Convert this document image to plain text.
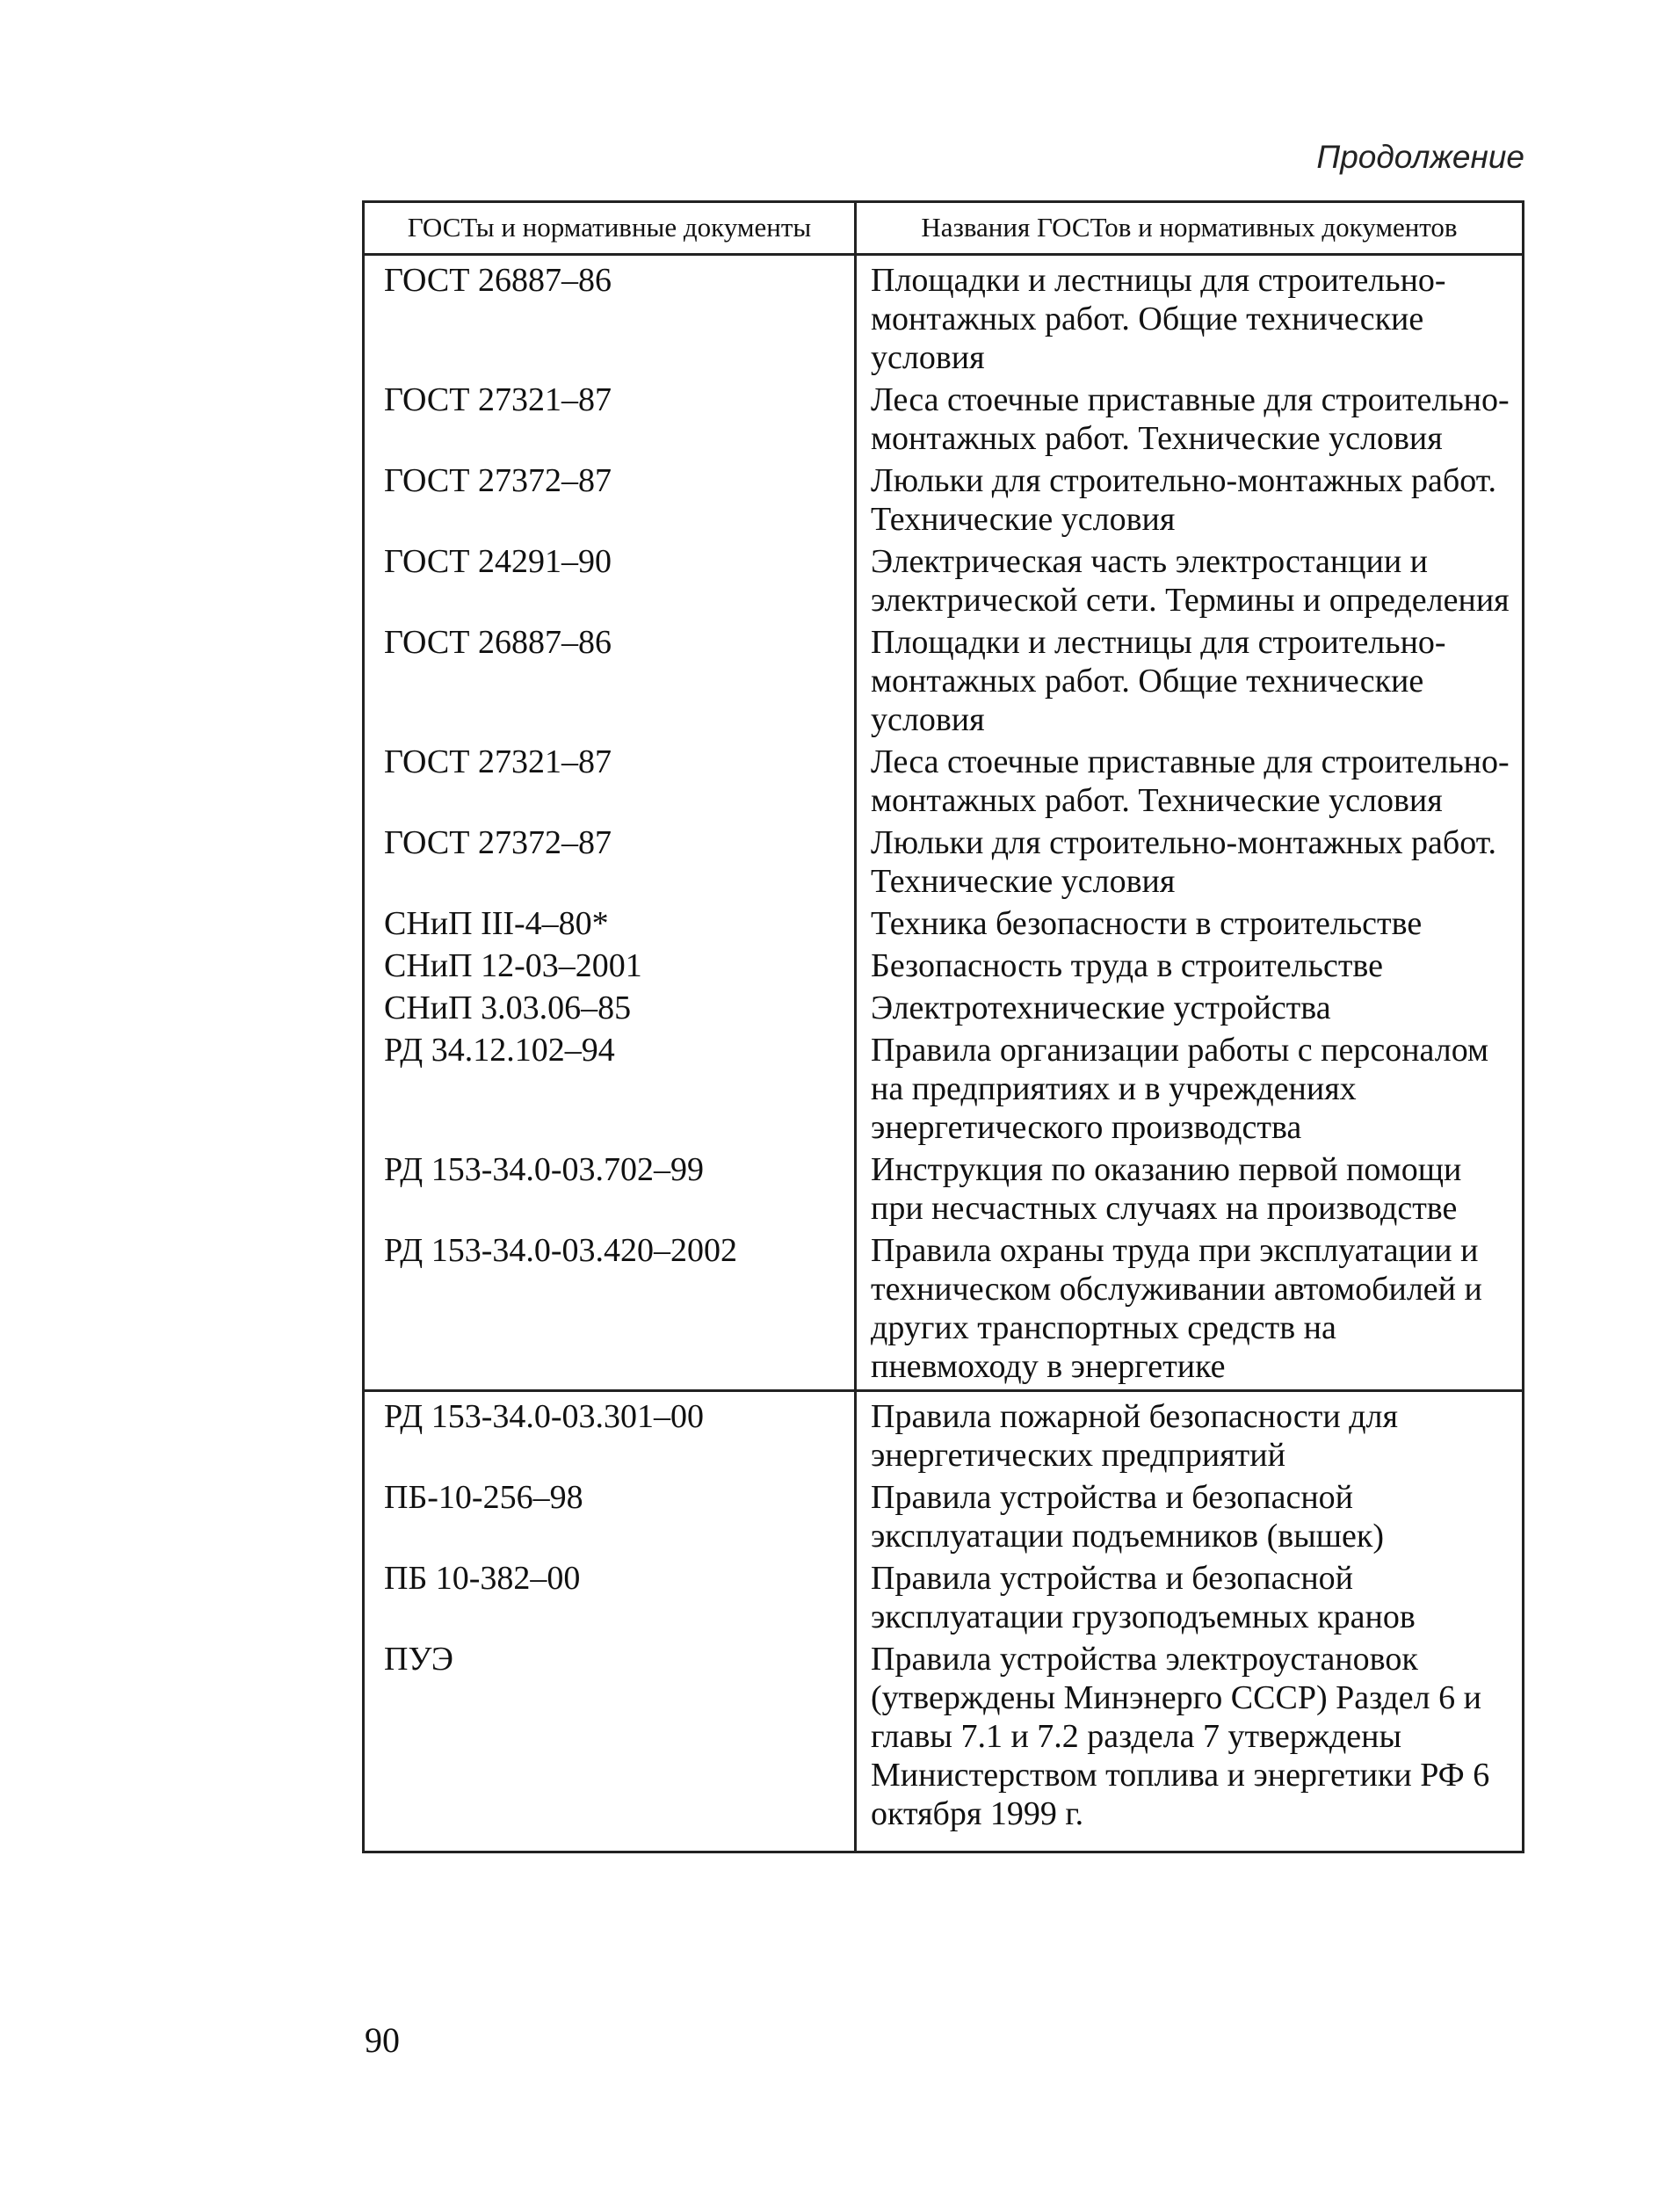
Продолжение
ГОСТы и нормативные документы	Названия ГОСТов и нормативных документов
ГОСТ 26887–86	Площадки и лестницы для строительно-монтажных работ. Общие технические условия
ГОСТ 27321–87	Леса стоечные приставные для строительно-монтажных работ. Технические условия
ГОСТ 27372–87	Люльки для строительно-монтажных работ. Технические условия
ГОСТ 24291–90	Электрическая часть электростанции и электрической сети. Термины и определения
ГОСТ 26887–86	Площадки и лестницы для строительно-монтажных работ. Общие технические условия
ГОСТ 27321–87	Леса стоечные приставные для строительно-монтажных работ. Технические условия
ГОСТ 27372–87	Люльки для строительно-монтажных работ. Технические условия
СНиП III-4–80*	Техника безопасности в строительстве
СНиП 12-03–2001	Безопасность труда в строительстве
СНиП 3.03.06–85	Электротехнические устройства
РД 34.12.102–94	Правила организации работы с персоналом на предприятиях и в учреждениях энергетического производства
РД 153-34.0-03.702–99	Инструкция по оказанию первой помощи при несчастных случаях на производстве
РД 153-34.0-03.420–2002	Правила охраны труда при эксплуатации и техническом обслуживании автомобилей и других транспортных средств на пневмоходу в энергетике
РД 153-34.0-03.301–00	Правила пожарной безопасности для энергетических предприятий
ПБ-10-256–98	Правила устройства и безопасной эксплуатации подъемников (вышек)
ПБ 10-382–00	Правила устройства и безопасной эксплуатации грузоподъемных кранов
ПУЭ	Правила устройства электроустановок (утверждены Минэнерго СССР) Раздел 6 и главы 7.1 и 7.2 раздела 7 утверждены Министерством топлива и энергетики РФ 6 октября 1999 г.
90
